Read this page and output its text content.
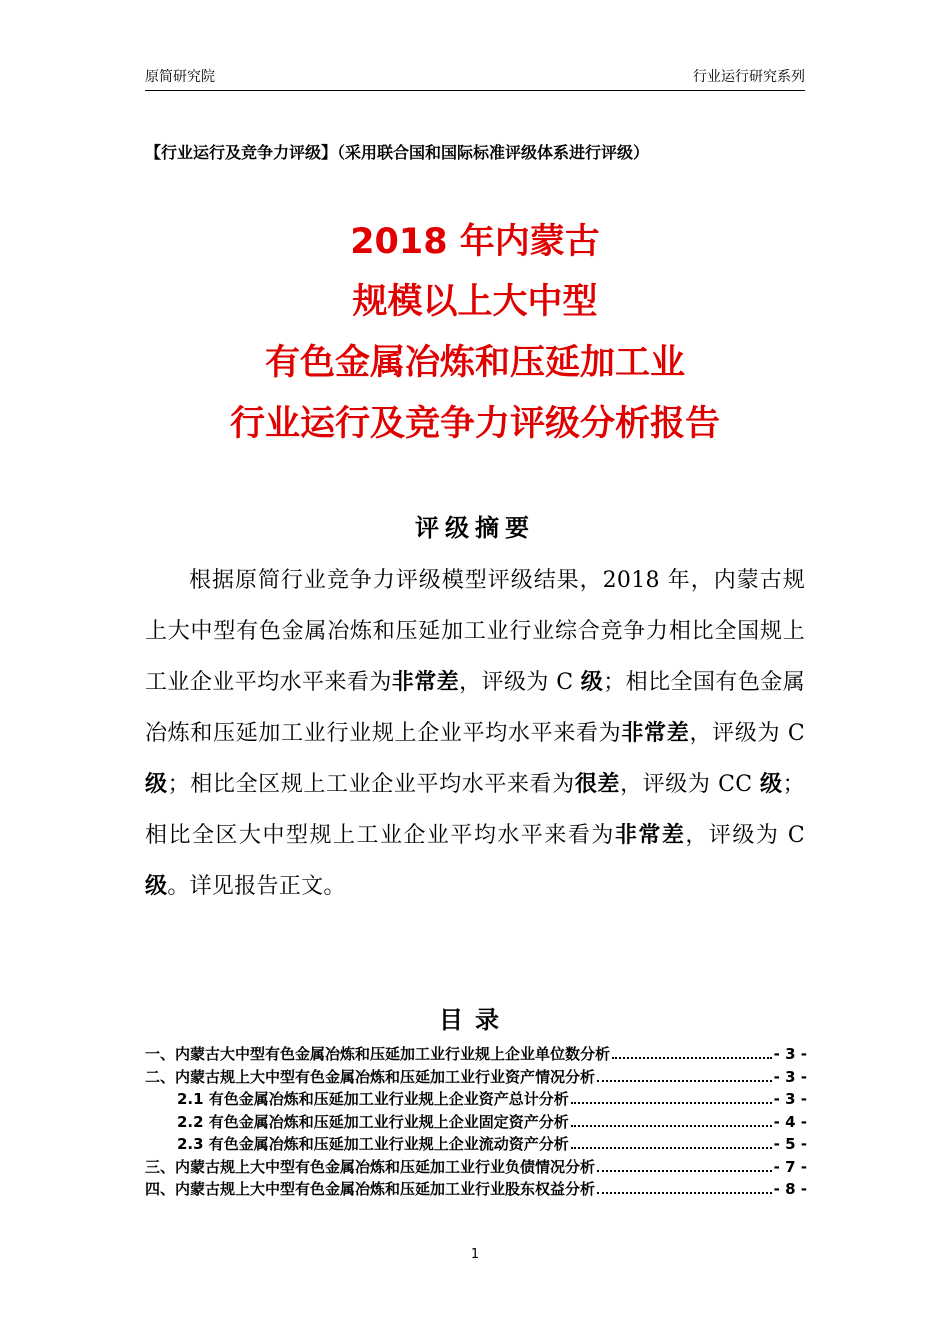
原简研究院	行业运行研究系列
【行业运行及竞争力评级】（采用联合国和国际标准评级体系进行评级）
2018 年内蒙古
规模以上大中型
有色金属冶炼和压延加工业
行业运行及竞争力评级分析报告
评级摘要

根据原简行业竞争力评级模型评级结果，2018 年，内蒙古规上大中型有色金属冶炼和压延加工业行业综合竞争力相比全国规上工业企业平均水平来看为非常差，评级为 C 级；相比全国有色金属冶炼和压延加工业行业规上企业平均水平来看为非常差，评级为 C 级；相比全区规上工业企业平均水平来看为很差，评级为 CC 级；相比全区大中型规上工业企业平均水平来看为非常差，评级为 C 级。详见报告正文。

目录
一、内蒙古大中型有色金属冶炼和压延加工业行业规上企业单位数分析	- 3 -
二、内蒙古规上大中型有色金属冶炼和压延加工业行业资产情况分析	- 3 -
2.1 有色金属冶炼和压延加工业行业规上企业资产总计分析	- 3 -
2.2 有色金属冶炼和压延加工业行业规上企业固定资产分析	- 4 -
2.3 有色金属冶炼和压延加工业行业规上企业流动资产分析	- 5 -
三、内蒙古规上大中型有色金属冶炼和压延加工业行业负债情况分析	- 7 -
四、内蒙古规上大中型有色金属冶炼和压延加工业行业股东权益分析	- 8 -
1
